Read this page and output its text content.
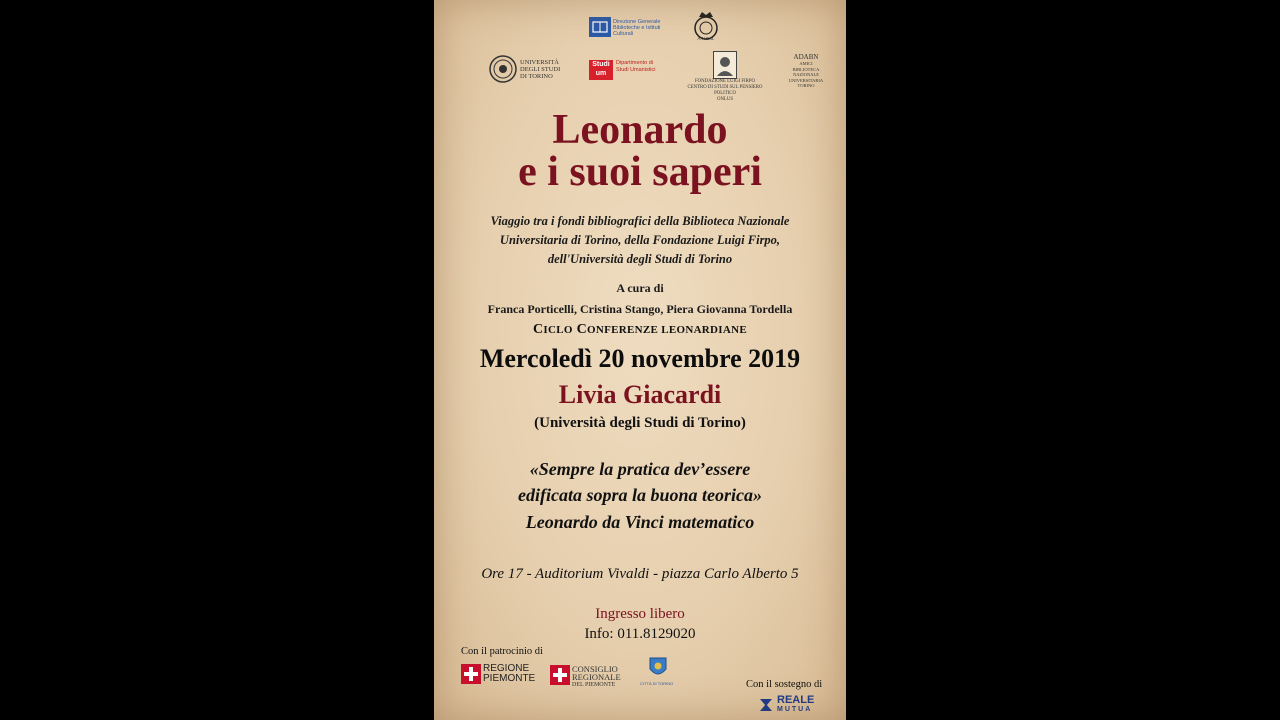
Direzione Generale Biblioteche e Istituti Culturali
A.N.E.B.
UNIVERSITÀ
DEGLI STUDI
DI TORINO
Studi um
Dipartimento di Studi Umanistici
FONDAZIONE LUIGI FIRPO
CENTRO DI STUDI SUL PENSIERO POLITICO
ONLUS
ADABN
AMICI BIBLIOTECA NAZIONALE UNIVERSITARIA TORINO
Leonardo
e i suoi saperi
Viaggio tra i fondi bibliografici della Biblioteca Nazionale
Universitaria di Torino, della Fondazione Luigi Firpo,
dell'Università degli Studi di Torino
A cura di
Franca Porticelli, Cristina Stango, Piera Giovanna Tordella
CICLO CONFERENZE LEONARDIANE
Mercoledì 20 novembre 2019
Livia Giacardi
(Università degli Studi di Torino)
«Sempre la pratica dev’essere
edificata sopra la buona teorica»
Leonardo da Vinci matematico
Ore 17 - Auditorium Vivaldi - piazza Carlo Alberto 5
Ingresso libero
Info: 011.8129020
Con il patrocinio di
REGIONE
PIEMONTE
CONSIGLIO
REGIONALE
DEL PIEMONTE	CITTÀ DI TORINO	Con il sostegno di
REALE
MUTUA
